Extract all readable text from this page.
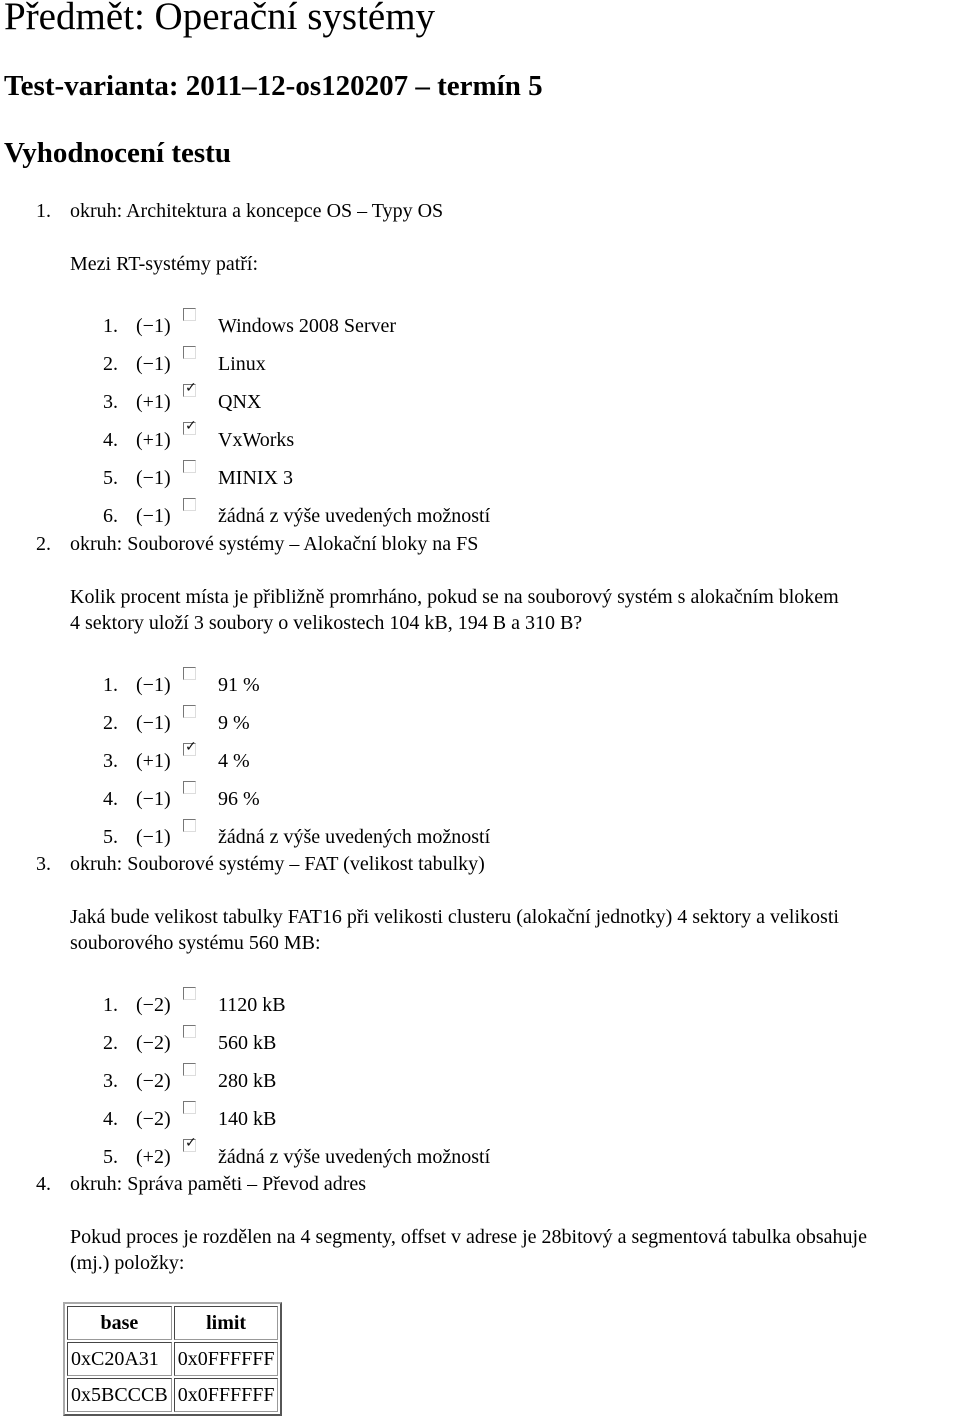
Předmět: Operační systémy
Test-varianta: 2011–12-os120207 – termín 5
Vyhodnocení testu
1. okruh: Architektura a koncepce OS – Typy OS
Mezi RT-systémy patří:
1. (−1) Windows 2008 Server
2. (−1) Linux
3. (+1)
✓
QNX
4. (+1)
✓
VxWorks
5. (−1) MINIX 3
6. (−1) žádná z výše uvedených možností
2. okruh: Souborové systémy – Alokační bloky na FS
Kolik procent místa je přibližně promrháno, pokud se na souborový systém s alokačním blokem
4 sektory uloží 3 soubory o velikostech 104 kB, 194 B a 310 B?
1. (−1) 91 %
2. (−1) 9 %
3. (+1)
✓
4 %
4. (−1) 96 %
5. (−1) žádná z výše uvedených možností
3. okruh: Souborové systémy – FAT (velikost tabulky)
Jaká bude velikost tabulky FAT16 při velikosti clusteru (alokační jednotky) 4 sektory a velikosti
souborového systému 560 MB:
1. (−2) 1120 kB
2. (−2) 560 kB
3. (−2) 280 kB
4. (−2) 140 kB
5. (+2)
✓
žádná z výše uvedených možností
4. okruh: Správa paměti – Převod adres
Pokud proces je rozdělen na 4 segmenty, offset v adrese je 28bitový a segmentová tabulka obsahuje
(mj.) položky:
base	limit
0xC20A31	0x0FFFFFF
0x5BCCCB	0x0FFFFFF
